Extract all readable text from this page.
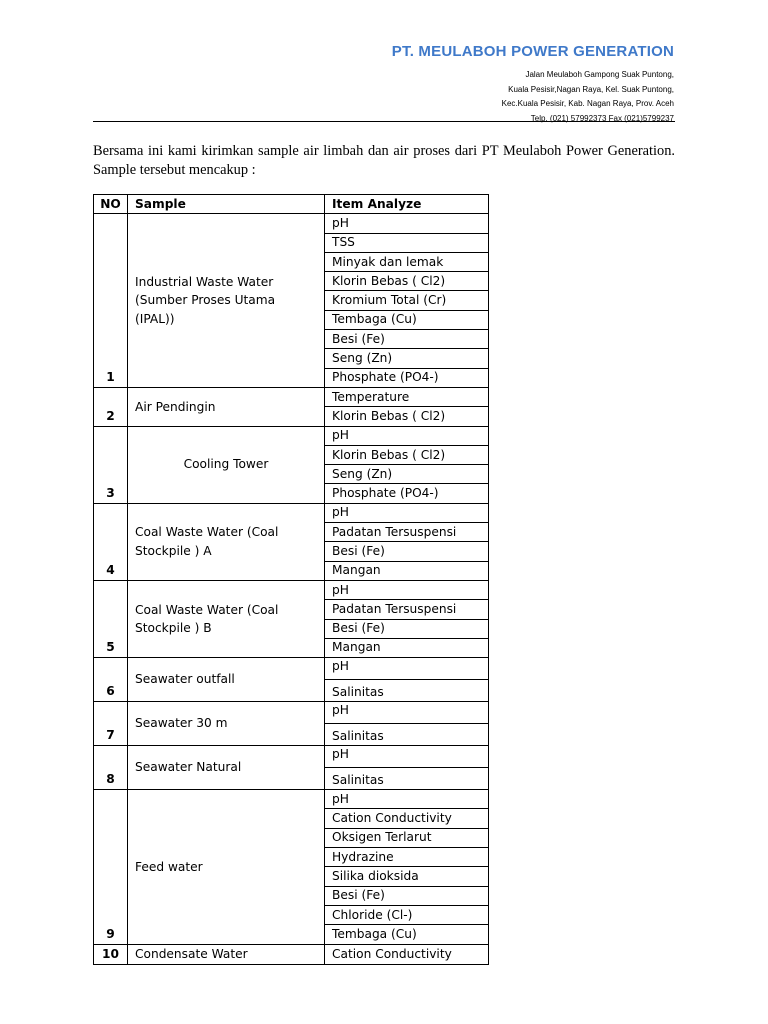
PT. MEULABOH POWER GENERATION
Jalan Meulaboh Gampong Suak Puntong,
Kuala Pesisir,Nagan Raya, Kel. Suak Puntong,
Kec.Kuala Pesisir, Kab. Nagan Raya, Prov. Aceh
Telp. (021) 57992373 Fax (021)5799237
Bersama ini kami kirimkan sample air limbah dan air proses dari PT Meulaboh Power Generation. Sample tersebut mencakup :
NO	Sample	Item Analyze
1	Industrial Waste Water (Sumber Proses Utama (IPAL))	pH
		TSS
		Minyak dan lemak
		Klorin Bebas ( Cl2)
		Kromium Total (Cr)
		Tembaga (Cu)
		Besi (Fe)
		Seng (Zn)
		Phosphate (PO4-)
2	Air Pendingin	Temperature
		Klorin Bebas ( Cl2)
3	Cooling Tower	pH
		Klorin Bebas ( Cl2)
		Seng (Zn)
		Phosphate (PO4-)
4	Coal Waste Water (Coal Stockpile ) A	pH
		Padatan Tersuspensi
		Besi (Fe)
		Mangan
5	Coal Waste Water (Coal Stockpile ) B	pH
		Padatan Tersuspensi
		Besi (Fe)
		Mangan
6	Seawater outfall	pH
		Salinitas
7	Seawater 30 m	pH
		Salinitas
8	Seawater Natural	pH
		Salinitas
9	Feed water	pH
		Cation Conductivity
		Oksigen Terlarut
		Hydrazine
		Silika dioksida
		Besi (Fe)
		Chloride (Cl-)
		Tembaga (Cu)
10	Condensate Water	Cation Conductivity
